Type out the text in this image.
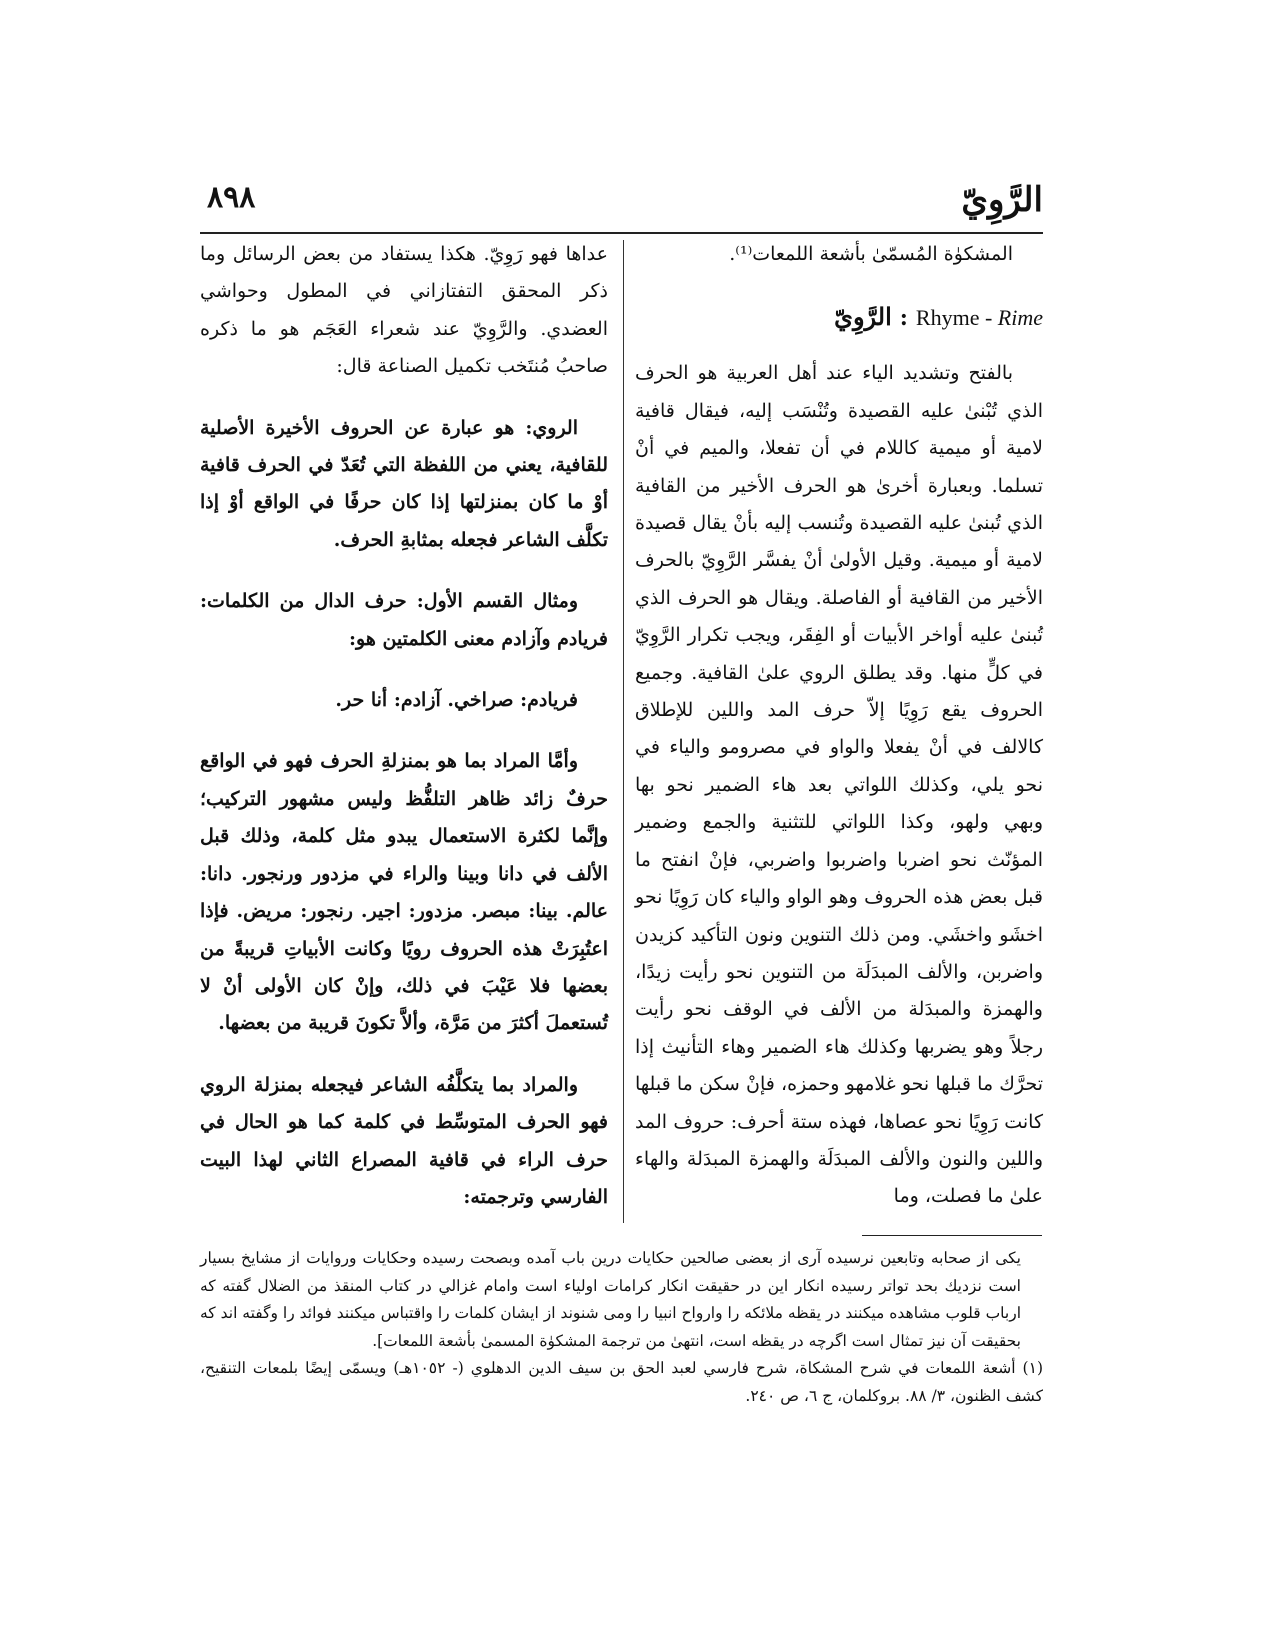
الرَّوِيّ
٨٩٨

المشكوٰة المُسمّىٰ بأشعة اللمعات⁽¹⁾.

الرَّوِيّ : Rhyme - Rime

بالفتح وتشديد الياء عند أهل العربية هو الحرف الذي تُبْنىٰ عليه القصيدة وتُنْسَب إليه، فيقال قافية لامية أو ميمية كاللام في أن تفعلا، والميم في أنْ تسلما. وبعبارة أخرىٰ هو الحرف الأخير من القافية الذي تُبنىٰ عليه القصيدة وتُنسب إليه بأنْ يقال قصيدة لامية أو ميمية. وقيل الأولىٰ أنْ يفسَّر الرَّوِيّ بالحرف الأخير من القافية أو الفاصلة. ويقال هو الحرف الذي تُبنىٰ عليه أواخر الأبيات أو الفِقَر، ويجب تكرار الرَّوِيّ في كلٍّ منها. وقد يطلق الروي علىٰ القافية. وجميع الحروف يقع رَوِيًا إلاّ حرف المد واللين للإطلاق كالالف في أنْ يفعلا والواو في مصرومو والياء في نحو يلي، وكذلك اللواتي بعد هاء الضمير نحو بها وبهي ولهو، وكذا اللواتي للتثنية والجمع وضمير المؤنّث نحو اضربا واضربوا واضربي، فإنْ انفتح ما قبل بعض هذه الحروف وهو الواو والياء كان رَوِيًا نحو اخشَو واخشَي. ومن ذلك التنوين ونون التأكيد كزيدن واضربن، والألف المبدَلَة من التنوين نحو رأيت زيدًا، والهمزة والمبدَلة من الألف في الوقف نحو رأيت رجلاً وهو يضربها وكذلك هاء الضمير وهاء التأنيث إذا تحرَّك ما قبلها نحو غلامهو وحمزه، فإنْ سكن ما قبلها كانت رَوِيًا نحو عصاها، فهذه ستة أحرف: حروف المد واللين والنون والألف المبدَلَة والهمزة المبدَلة والهاء علىٰ ما فصلت، وما

عداها فهو رَوِيّ. هكذا يستفاد من بعض الرسائل وما ذكر المحقق التفتازاني في المطول وحواشي العضدي. والرَّوِيّ عند شعراء العَجَم هو ما ذكره صاحبُ مُنتَخب تكميل الصناعة قال:

الروي: هو عبارة عن الحروف الأخيرة الأصلية للقافية، يعني من اللفظة التي تُعَدّ في الحرف قافية أوْ ما كان بمنزلتها إذا كان حرفًا في الواقع أوْ إذا تكلَّف الشاعر فجعله بمثابةِ الحرف.

ومثال القسم الأول: حرف الدال من الكلمات: فريادم وآزادم معنى الكلمتين هو:

فريادم: صراخي. آزادم: أنا حر.

وأمَّا المراد بما هو بمنزلةِ الحرف فهو في الواقع حرفٌ زائد ظاهر التلفُّظ وليس مشهور التركيب؛ وإنَّما لكثرة الاستعمال يبدو مثل كلمة، وذلك قبل الألف في دانا وبينا والراء في مزدور ورنجور. دانا: عالم. بينا: مبصر. مزدور: اجير. رنجور: مريض. فإذا اعتُبِرَتْ هذه الحروف رويًا وكانت الأبياتِ قريبةً من بعضها فلا عَيْبَ في ذلك، وإنْ كان الأولى أنْ لا تُستعملَ أكثرَ من مَرَّة، وألاَّ تكونَ قريبة من بعضها.

والمراد بما يتكلَّفُه الشاعر فيجعله بمنزلة الروي فهو الحرف المتوسِّط في كلمة كما هو الحال في حرف الراء في قافية المصراع الثاني لهذا البيت الفارسي وترجمته:

يكى از صحابه وتابعين نرسيده آرى از بعضى صالحين حكايات درين باب آمده وبصحت رسيده وحكايات وروايات از مشايخ بسيار است نزديك بحد تواتر رسيده انكار اين در حقيقت انكار كرامات اولياء است وامام غزالي در كتاب المنقذ من الضلال گفته كه ارباب قلوب مشاهده ميكنند در يقظه ملائكه را وارواح انبيا را ومى شنوند از ايشان كلمات را واقتباس ميكنند فوائد را وگفته اند كه بحقيقت آن نيز تمثال است اگرچه در يقظه است، انتهىٰ من ترجمة المشكوٰة المسمىٰ بأشعة اللمعات].

(١) أشعة اللمعات في شرح المشكاة، شرح فارسي لعبد الحق بن سيف الدين الدهلوي (- ١٠٥٢هـ) ويسمّى إيضًا بلمعات التنقيح، كشف الظنون، ٣/ ٨٨. بروكلمان، ج ٦، ص ٢٤٠.
